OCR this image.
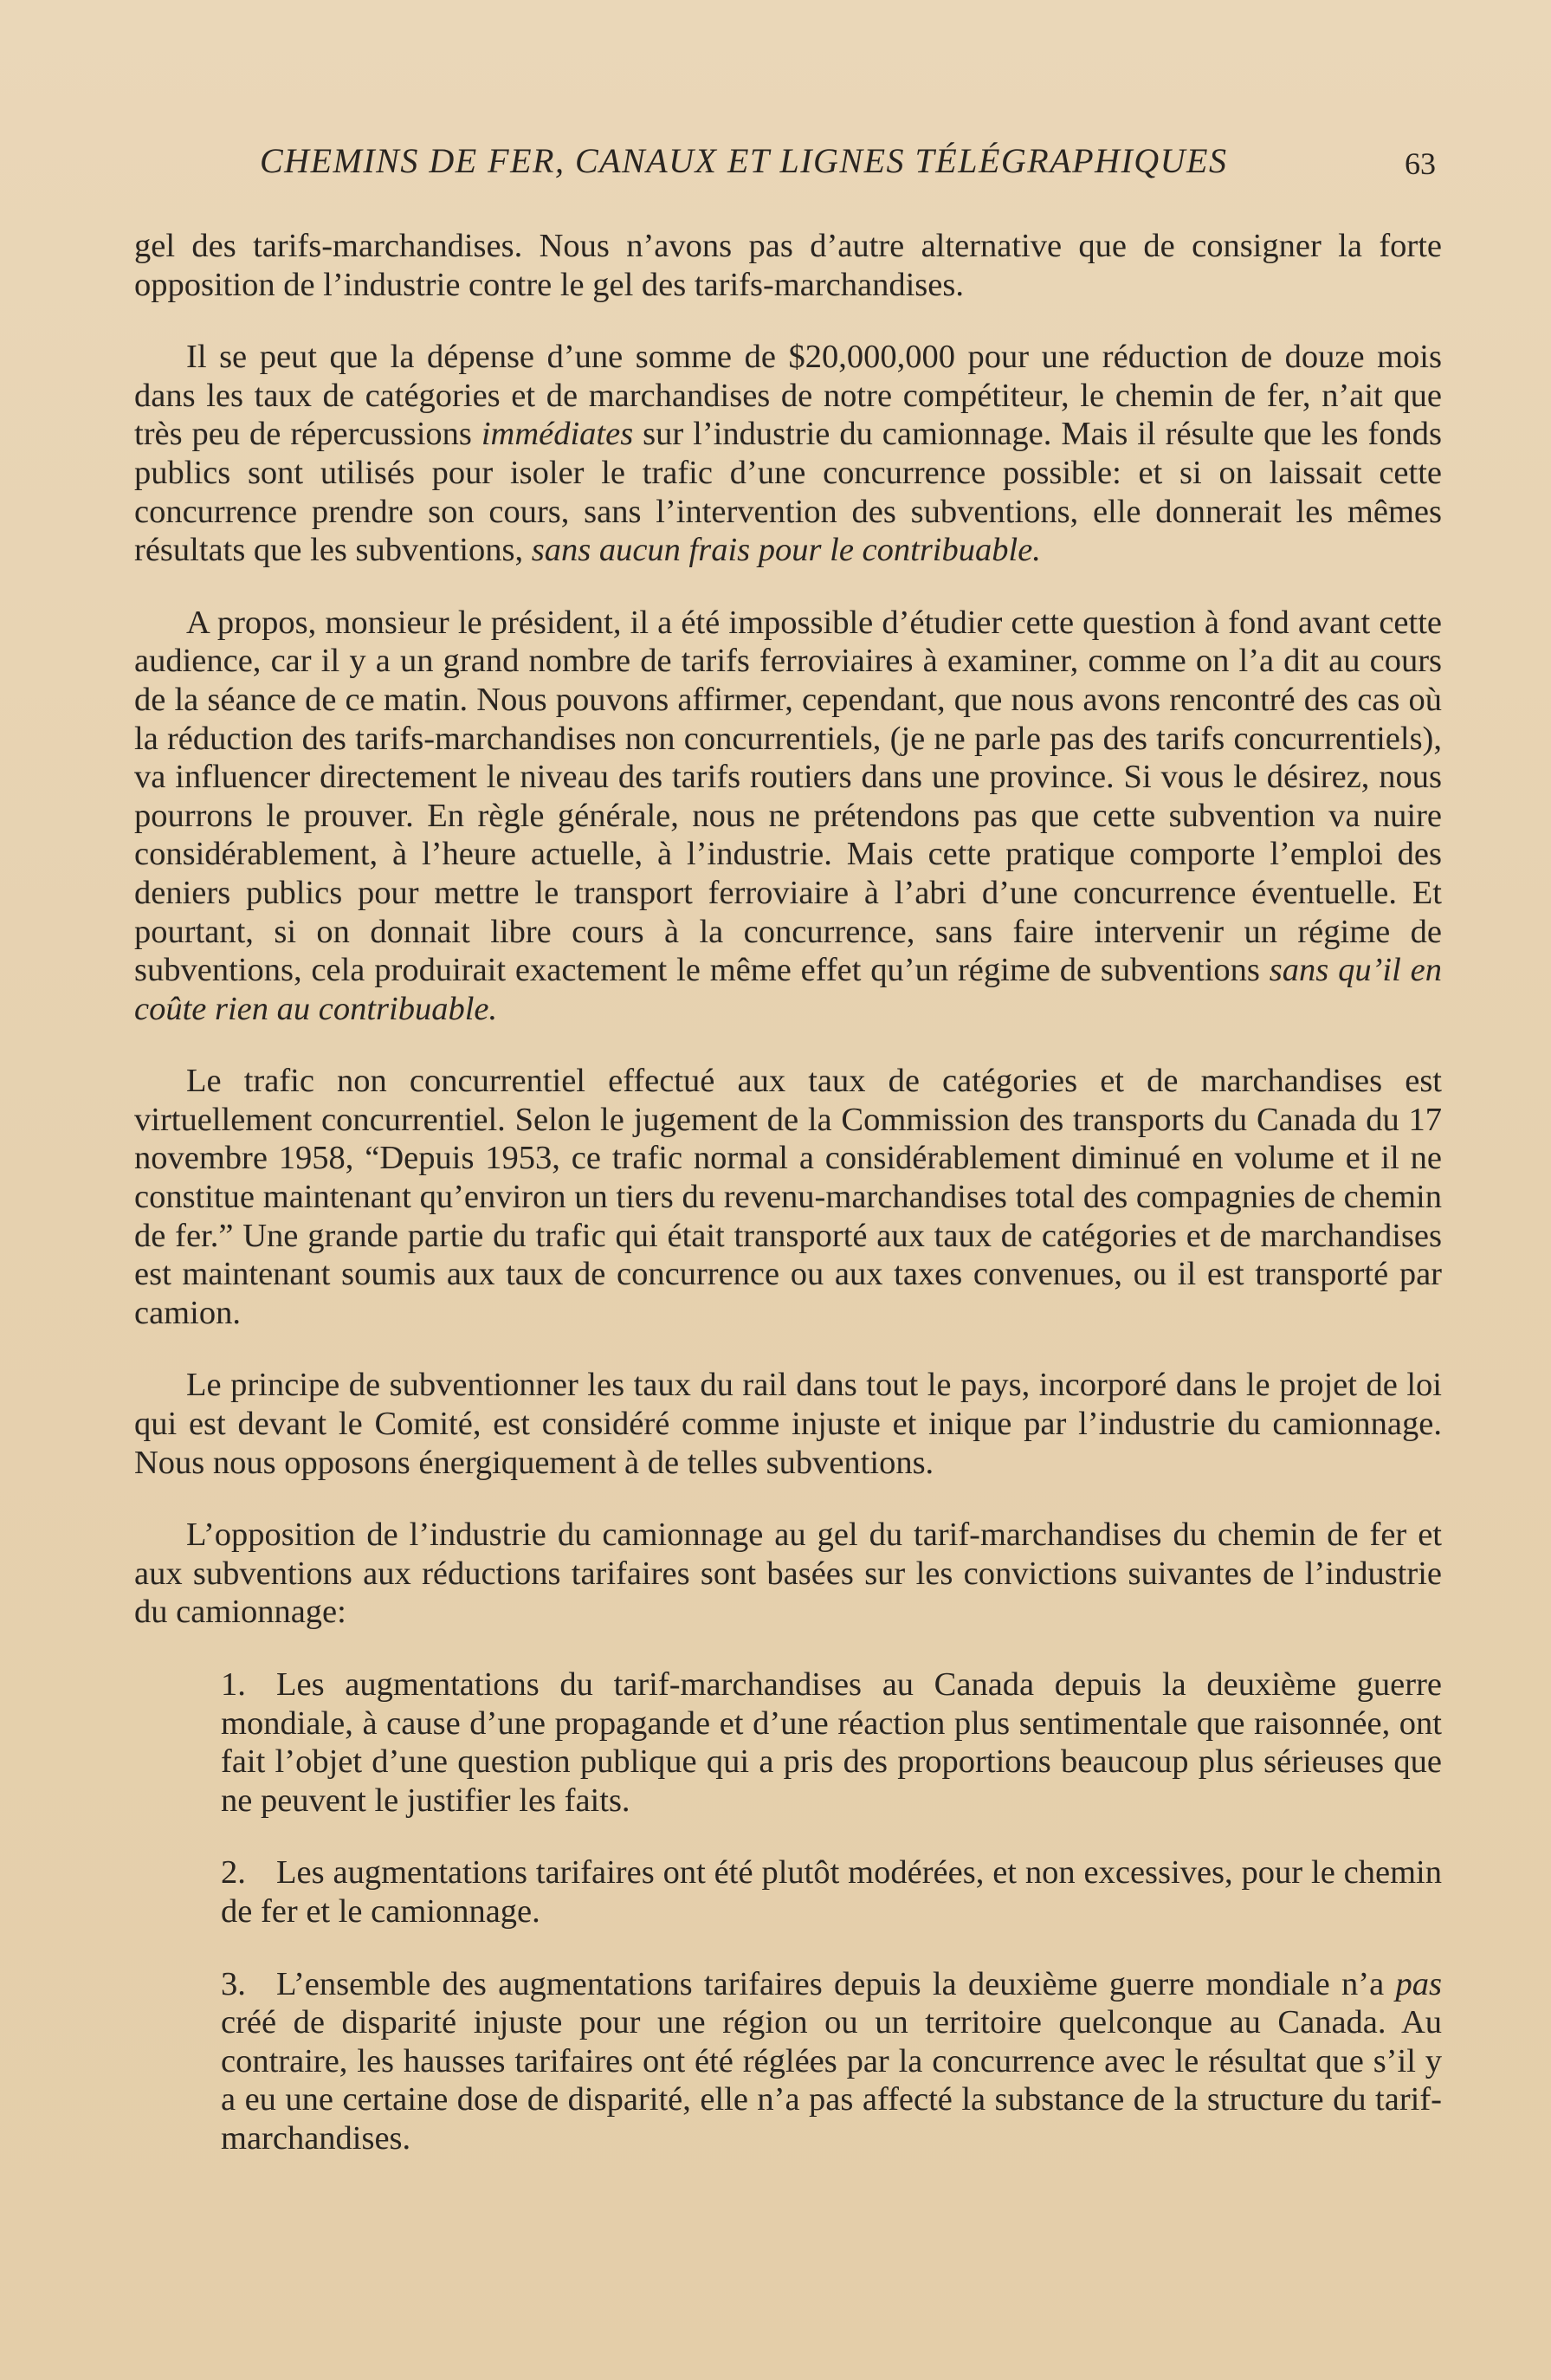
CHEMINS DE FER, CANAUX ET LIGNES TÉLÉGRAPHIQUES	63

gel des tarifs-marchandises. Nous n’avons pas d’autre alternative que de consigner la forte opposition de l’industrie contre le gel des tarifs-marchandises.

Il se peut que la dépense d’une somme de $20,000,000 pour une réduction de douze mois dans les taux de catégories et de marchandises de notre compétiteur, le chemin de fer, n’ait que très peu de répercussions immédiates sur l’industrie du camionnage. Mais il résulte que les fonds publics sont utilisés pour isoler le trafic d’une concurrence possible: et si on laissait cette concurrence prendre son cours, sans l’intervention des subventions, elle donnerait les mêmes résultats que les subventions, sans aucun frais pour le contribuable.

A propos, monsieur le président, il a été impossible d’étudier cette question à fond avant cette audience, car il y a un grand nombre de tarifs ferroviaires à examiner, comme on l’a dit au cours de la séance de ce matin. Nous pouvons affirmer, cependant, que nous avons rencontré des cas où la réduction des tarifs-marchandises non concurrentiels, (je ne parle pas des tarifs concurrentiels), va influencer directement le niveau des tarifs routiers dans une province. Si vous le désirez, nous pourrons le prouver. En règle générale, nous ne prétendons pas que cette subvention va nuire considérablement, à l’heure actuelle, à l’industrie. Mais cette pratique comporte l’emploi des deniers publics pour mettre le transport ferroviaire à l’abri d’une concurrence éventuelle. Et pourtant, si on donnait libre cours à la concurrence, sans faire intervenir un régime de subventions, cela produirait exactement le même effet qu’un régime de subventions sans qu’il en coûte rien au contribuable.

Le trafic non concurrentiel effectué aux taux de catégories et de marchandises est virtuellement concurrentiel. Selon le jugement de la Commission des transports du Canada du 17 novembre 1958, “Depuis 1953, ce trafic normal a considérablement diminué en volume et il ne constitue maintenant qu’environ un tiers du revenu-marchandises total des compagnies de chemin de fer.” Une grande partie du trafic qui était transporté aux taux de catégories et de marchandises est maintenant soumis aux taux de concurrence ou aux taxes convenues, ou il est transporté par camion.

Le principe de subventionner les taux du rail dans tout le pays, incorporé dans le projet de loi qui est devant le Comité, est considéré comme injuste et inique par l’industrie du camionnage. Nous nous opposons énergiquement à de telles subventions.

L’opposition de l’industrie du camionnage au gel du tarif-marchandises du chemin de fer et aux subventions aux réductions tarifaires sont basées sur les convictions suivantes de l’industrie du camionnage:

1. Les augmentations du tarif-marchandises au Canada depuis la deuxième guerre mondiale, à cause d’une propagande et d’une réaction plus sentimentale que raisonnée, ont fait l’objet d’une question publique qui a pris des proportions beaucoup plus sérieuses que ne peuvent le justifier les faits.

2. Les augmentations tarifaires ont été plutôt modérées, et non excessives, pour le chemin de fer et le camionnage.

3. L’ensemble des augmentations tarifaires depuis la deuxième guerre mondiale n’a pas créé de disparité injuste pour une région ou un territoire quelconque au Canada. Au contraire, les hausses tarifaires ont été réglées par la concurrence avec le résultat que s’il y a eu une certaine dose de disparité, elle n’a pas affecté la substance de la structure du tarif-marchandises.
